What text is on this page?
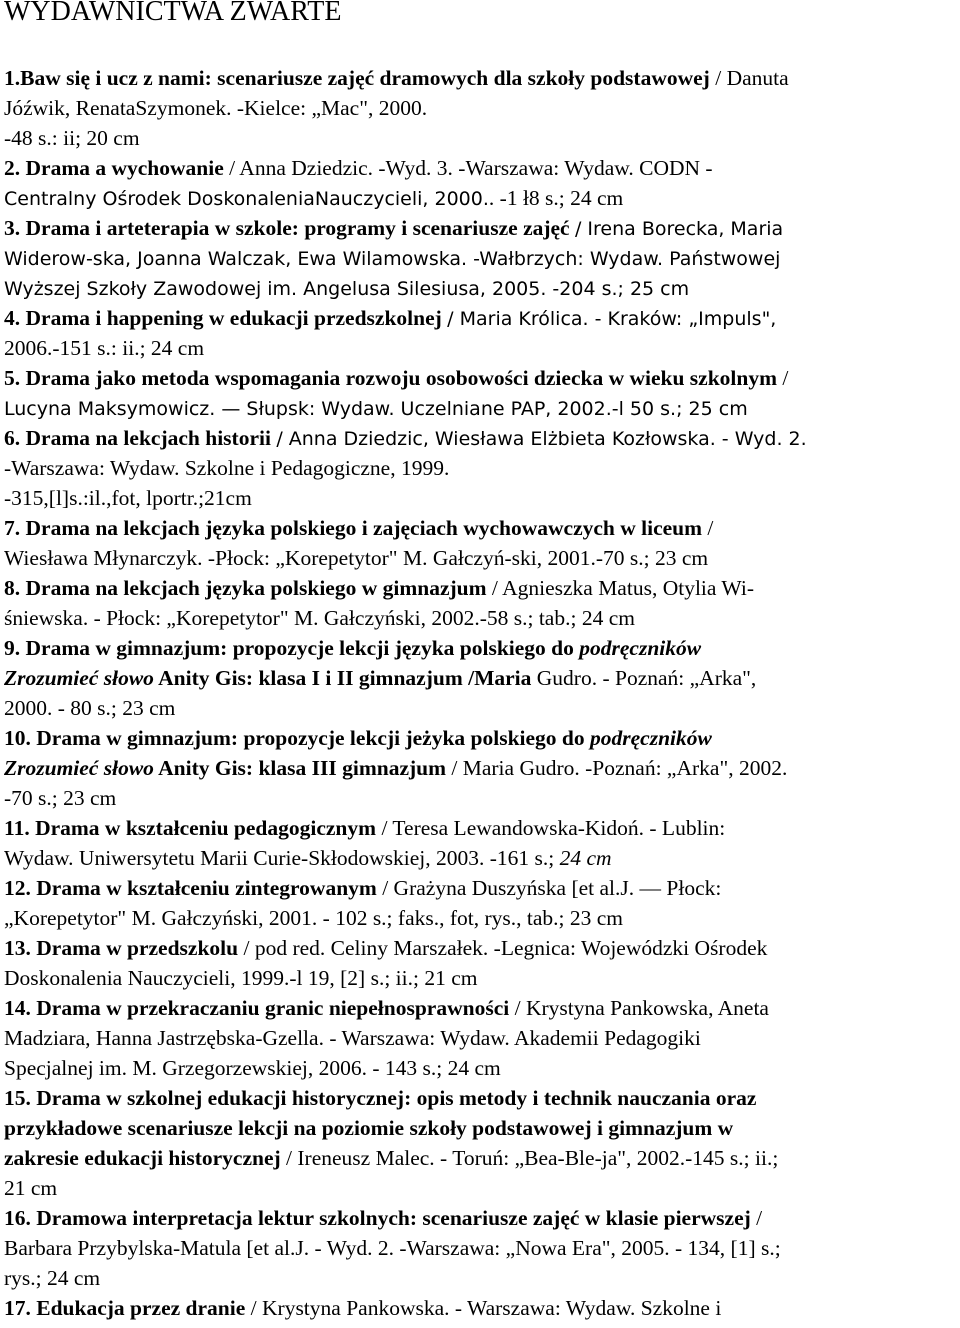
WYDAWNICTWA ZWARTE
1.Baw się i ucz z nami: scenariusze zajęć dramowych dla szkoły podstawowej / Danuta
Jóźwik, RenataSzymonek. -Kielce: „Mac", 2000.
-48 s.: ii; 20 cm
2. Drama a wychowanie / Anna Dziedzic. -Wyd. 3. -Warszawa: Wydaw. CODN -
Centralny Ośrodek DoskonaleniaNauczycieli, 2000.. -1 ł8 s.; 24 cm
3. Drama i arteterapia w szkole: programy i scenariusze zajęć / Irena Borecka, Maria
Widerow-ska, Joanna Walczak, Ewa Wilamowska. -Wałbrzych: Wydaw. Państwowej
Wyższej Szkoły Zawodowej im. Angelusa Silesiusa, 2005. -204 s.; 25 cm
4. Drama i happening w edukacji przedszkolnej / Maria Królica. - Kraków: „Impuls",
2006.-151 s.: ii.; 24 cm
5. Drama jako metoda wspomagania rozwoju osobowości dziecka w wieku szkolnym /
Lucyna Maksymowicz. — Słupsk: Wydaw. Uczelniane PAP, 2002.-l 50 s.; 25 cm
6. Drama na lekcjach historii / Anna Dziedzic, Wiesława Elżbieta Kozłowska. - Wyd. 2.
-Warszawa: Wydaw. Szkolne i Pedagogiczne, 1999.
-315,[l]s.:il.,fot, lportr.;21cm
7. Drama na lekcjach języka polskiego i zajęciach wychowawczych w liceum /
Wiesława Młynarczyk. -Płock: „Korepetytor" M. Gałczyń-ski, 2001.-70 s.; 23 cm
8. Drama na lekcjach języka polskiego w gimnazjum / Agnieszka Matus, Otylia Wi-
śniewska. - Płock: „Korepetytor" M. Gałczyński, 2002.-58 s.; tab.; 24 cm
9. Drama w gimnazjum: propozycje lekcji języka polskiego do podręczników
Zrozumieć słowo Anity Gis: klasa I i II gimnazjum /Maria Gudro. - Poznań: „Arka",
2000. - 80 s.; 23 cm
10. Drama w gimnazjum: propozycje lekcji jeżyka polskiego do podręczników
Zrozumieć słowo Anity Gis: klasa III gimnazjum / Maria Gudro. -Poznań: „Arka", 2002.
-70 s.; 23 cm
11. Drama w kształceniu pedagogicznym / Teresa Lewandowska-Kidoń. - Lublin:
Wydaw. Uniwersytetu Marii Curie-Skłodowskiej, 2003. -161 s.; 24 cm
12. Drama w kształceniu zintegrowanym / Grażyna Duszyńska [et al.J. — Płock:
„Korepetytor" M. Gałczyński, 2001. - 102 s.; faks., fot, rys., tab.; 23 cm
13. Drama w przedszkolu / pod red. Celiny Marszałek. -Legnica: Wojewódzki Ośrodek
Doskonalenia Nauczycieli, 1999.-l 19, [2] s.; ii.; 21 cm
14. Drama w przekraczaniu granic niepełnosprawności / Krystyna Pankowska, Aneta
Madziara, Hanna Jastrzębska-Gzella. - Warszawa: Wydaw. Akademii Pedagogiki
Specjalnej im. M. Grzegorzewskiej, 2006. - 143 s.; 24 cm
15. Drama w szkolnej edukacji historycznej: opis metody i technik nauczania oraz
przykładowe scenariusze lekcji na poziomie szkoły podstawowej i gimnazjum w
zakresie edukacji historycznej / Ireneusz Malec. - Toruń: „Bea-Ble-ja", 2002.-145 s.; ii.;
21 cm
16. Dramowa interpretacja lektur szkolnych: scenariusze zajęć w klasie pierwszej /
Barbara Przybylska-Matula [et al.J. - Wyd. 2. -Warszawa: „Nowa Era", 2005. - 134, [1] s.;
rys.; 24 cm
17. Edukacja przez dranie / Krystyna Pankowska. - Warszawa: Wydaw. Szkolne i
